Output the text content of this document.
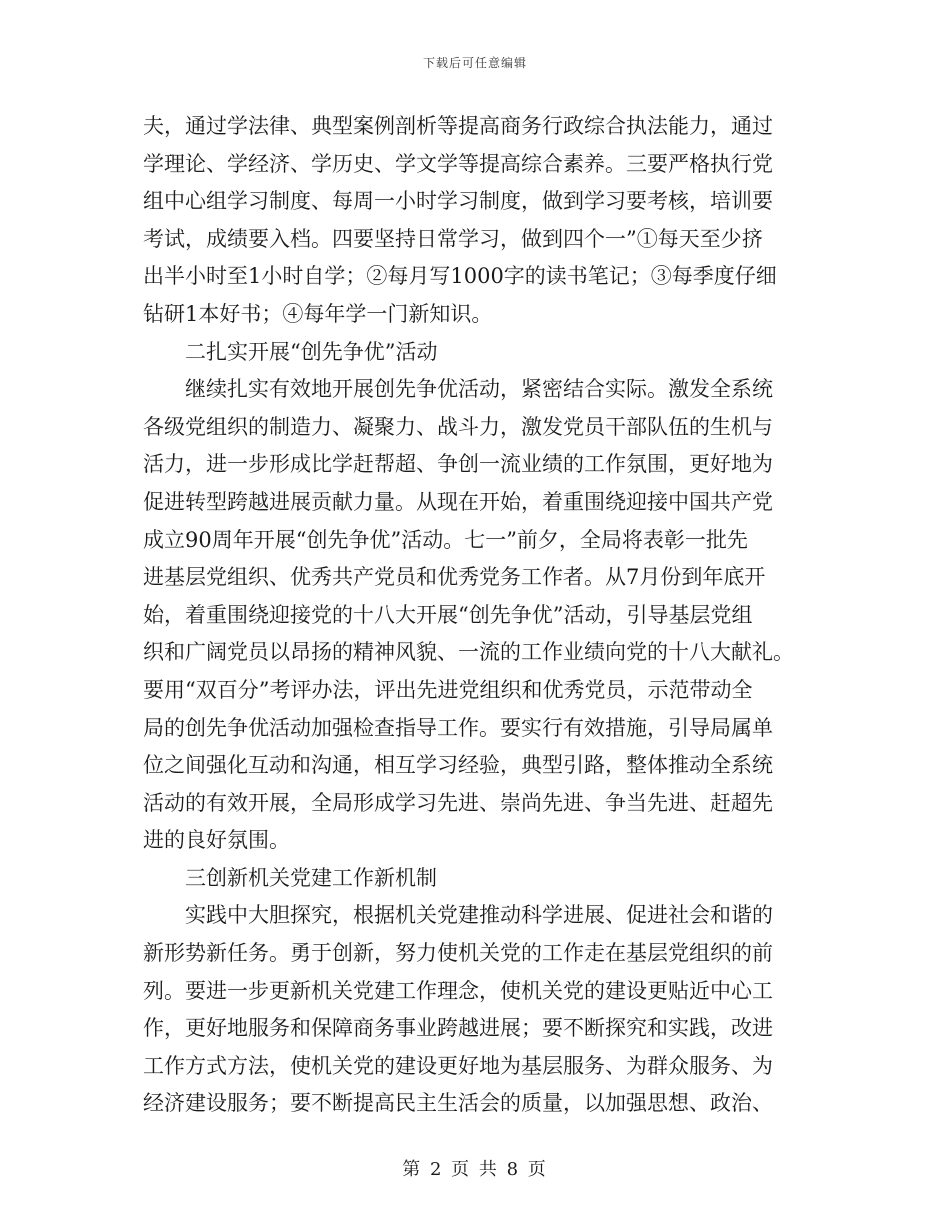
下载后可任意编辑

夫，通过学法律、典型案例剖析等提高商务行政综合执法能力，通过
学理论、学经济、学历史、学文学等提高综合素养。三要严格执行党
组中心组学习制度、每周一小时学习制度，做到学习要考核，培训要
考试，成绩要入档。四要坚持日常学习，做到四个一”①每天至少挤
出半小时至1小时自学；②每月写1000字的读书笔记；③每季度仔细
钻研1本好书；④每年学一门新知识。

二扎实开展“创先争优”活动

继续扎实有效地开展创先争优活动，紧密结合实际。激发全系统
各级党组织的制造力、凝聚力、战斗力，激发党员干部队伍的生机与
活力，进一步形成比学赶帮超、争创一流业绩的工作氛围，更好地为
促进转型跨越进展贡献力量。从现在开始，着重围绕迎接中国共产党
成立90周年开展“创先争优”活动。七一”前夕，全局将表彰一批先
进基层党组织、优秀共产党员和优秀党务工作者。从7月份到年底开
始，着重围绕迎接党的十八大开展“创先争优”活动，引导基层党组
织和广阔党员以昂扬的精神风貌、一流的工作业绩向党的十八大献礼。
要用“双百分”考评办法，评出先进党组织和优秀党员，示范带动全
局的创先争优活动加强检查指导工作。要实行有效措施，引导局属单
位之间强化互动和沟通，相互学习经验，典型引路，整体推动全系统
活动的有效开展，全局形成学习先进、崇尚先进、争当先进、赶超先
进的良好氛围。

三创新机关党建工作新机制

实践中大胆探究，根据机关党建推动科学进展、促进社会和谐的
新形势新任务。勇于创新，努力使机关党的工作走在基层党组织的前
列。要进一步更新机关党建工作理念，使机关党的建设更贴近中心工
作，更好地服务和保障商务事业跨越进展；要不断探究和实践，改进
工作方式方法，使机关党的建设更好地为基层服务、为群众服务、为
经济建设服务；要不断提高民主生活会的质量，以加强思想、政治、

第 2 页 共 8 页
